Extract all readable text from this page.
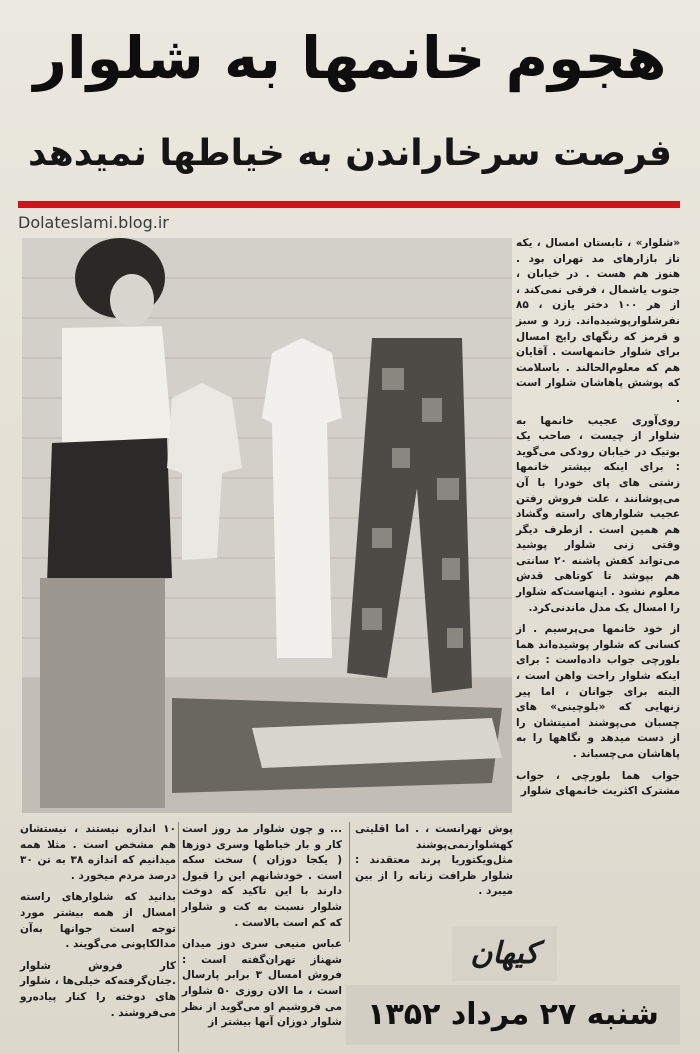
هجوم خانمها به شلوار
فرصت سرخاراندن به خیاطها نمیدهد
Dolateslami.blog.ir

«شلوار» ، تابستان امسال ، یکه تاز بازارهای مد تهران بود . هنوز هم هست . در خیابان ، جنوب یاشمال ، فرقی نمی‌کند ، از هر ۱۰۰ دختر یازن ، ۸۵ نفرشلوارپوشیده‌اند. زرد و سبز و قرمز که رنگهای رایج امسال برای شلوار خانمهاست . آقایان هم که معلوم‌الحالند . باسلامت که پوشش پاهاشان شلوار است .

روی‌آوری عجیب خانمها به شلوار از چیست ، صاحب یک بوتیک در خیابان رودکی می‌گوید : برای اینکه بیشتر خانمها زشتی های پای خودرا با آن می‌پوشانند ، علت فروش رفتن عجیب شلوارهای راسته وگشاد هم همین است . ازطرف دیگر وقتی زنی شلوار پوشید می‌تواند کفش پاشنه ۲۰ سانتی هم بپوشد تا کوتاهی قدش معلوم نشود . اینهاست‌که شلوار را امسال یک مدل ماندنی‌کرد.

از خود خانمها می‌پرسیم . از کسانی که شلوار پوشیده‌اند هما بلورچی جواب داده‌است : برای اینکه شلوار راحت واهن است ، البته برای جوانان ، اما پیر زنهایی که «بلوچینی» های چسبان می‌پوشند امنیتشان را از دست میدهد و نگاهها را به پاهاشان می‌چسباند .

جواب هما بلورچی ، جواب مشترک اکثریت خانمهای شلوار

پوش تهرانست ، . اما اقلیتی کهشلوارنمی‌پوشند مثل‌ویکتوریا پرند معتقدند : شلوار ظرافت زنانه را از بین میبرد .

... و چون شلوار مد روز است کار و بار خیاطها وسری دوزها ( یکجا دوزان ) سخت سکه است . خودشانهم این را قبول دارند با این تاکید که دوخت شلوار نسبت به کت و شلوار که کم است بالاست .

عباس منیعی سری دوز میدان شهناز تهران‌گفته است : فروش امسال ۳ برابر پارسال است ، ما الان روزی ۵۰ شلوار می‌ فروشیم او می‌گوید از نظر شلوار دوزان آنها بیشتر از

۱۰ اندازه نیستند ، نیستشان هم مشخص است . مثلا همه میدانیم که اندازه ۳۸ به تن ۳۰ درصد مردم میخورد .

بدانید که شلوارهای راسته امسال از همه بیشتر مورد توجه است جوانها به‌آن مدالکاپونی می‌گویند .

کار فروش شلوار .جنان‌گرفته‌که خیلی‌ها ، شلوار های دوخته را کنار پیاده‌رو می‌فروشند .

کیهان
شنبه ۲۷ مرداد ۱۳۵۲
